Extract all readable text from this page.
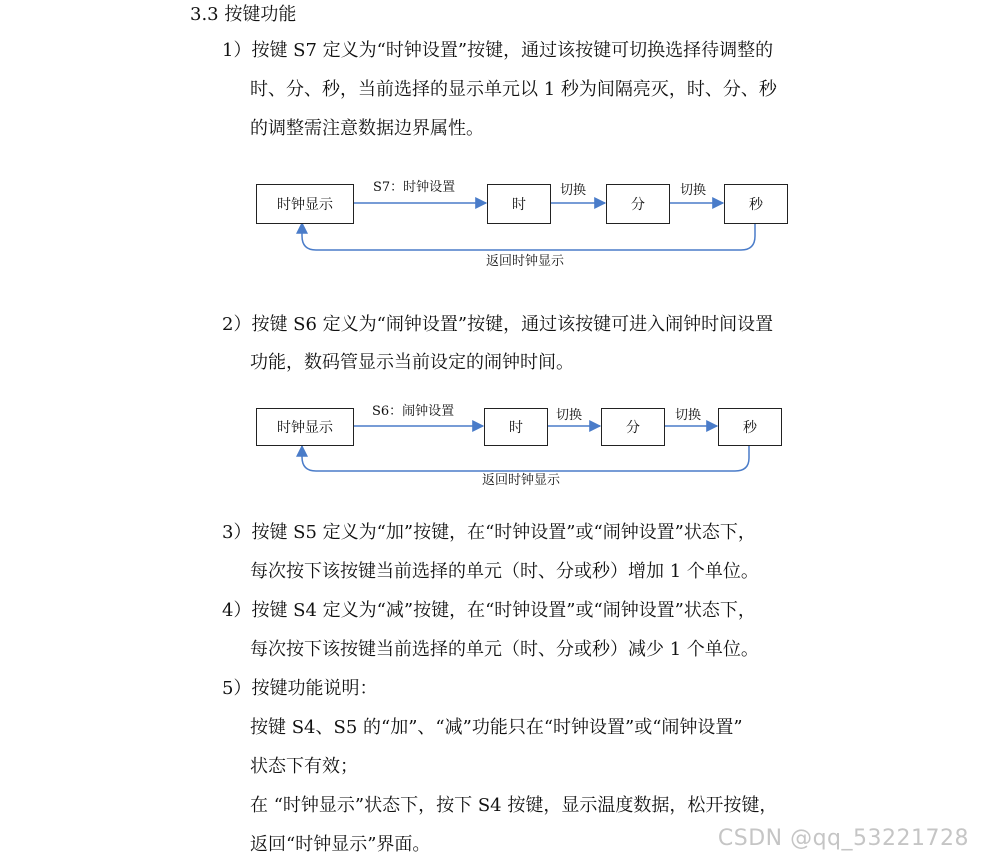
3.3 按键功能
1）按键 S7 定义为“时钟设置”按键，通过该按键可切换选择待调整的
时、分、秒，当前选择的显示单元以 1 秒为间隔亮灭，时、分、秒
的调整需注意数据边界属性。
时钟显示
S7：时钟设置
时
切换
分
切换
秒
返回时钟显示
2）按键 S6 定义为“闹钟设置”按键，通过该按键可进入闹钟时间设置
功能，数码管显示当前设定的闹钟时间。
时钟显示
S6：闹钟设置
时
切换
分
切换
秒
返回时钟显示
3）按键 S5 定义为“加”按键，在“时钟设置”或“闹钟设置”状态下，
每次按下该按键当前选择的单元（时、分或秒）增加 1 个单位。
4）按键 S4 定义为“减”按键，在“时钟设置”或“闹钟设置”状态下，
每次按下该按键当前选择的单元（时、分或秒）减少 1 个单位。
5）按键功能说明：
按键 S4、S5 的“加”、“减”功能只在“时钟设置”或“闹钟设置”
状态下有效；
在 “时钟显示”状态下，按下 S4 按键，显示温度数据，松开按键，
返回“时钟显示”界面。	CSDN @qq_53221728
